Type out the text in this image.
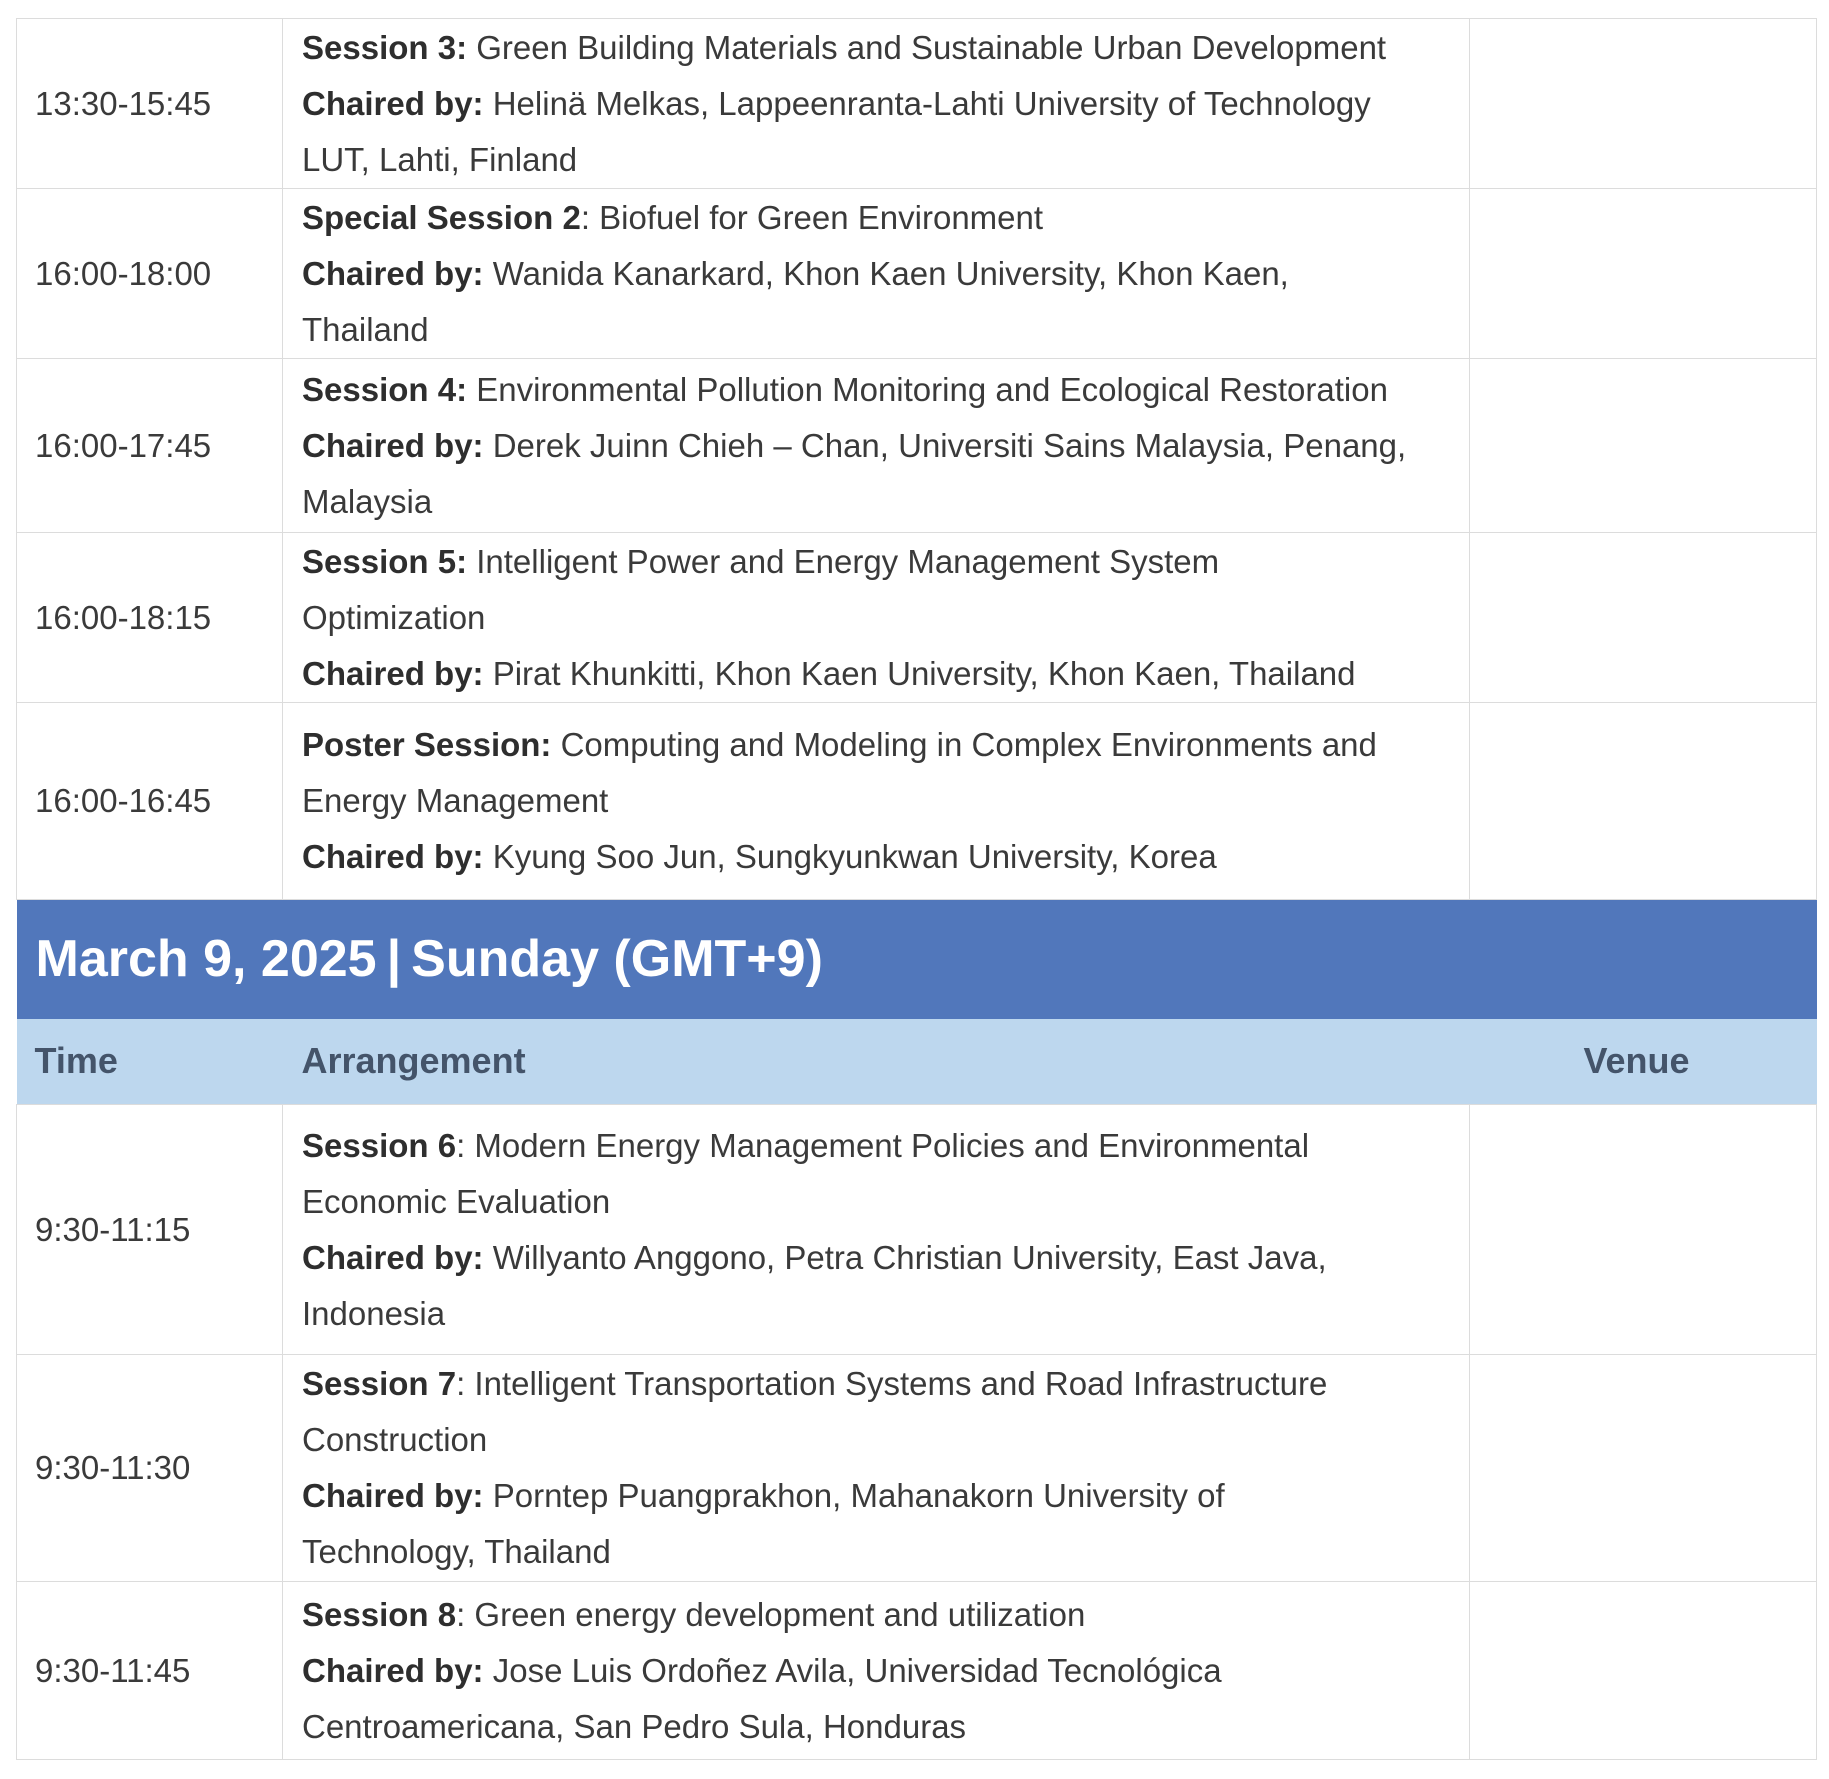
13:30-15:45	Session 3: Green Building Materials and Sustainable Urban Development
Chaired by: Helinä Melkas, Lappeenranta-Lahti University of Technology
LUT, Lahti, Finland	

16:00-18:00	Special Session 2: Biofuel for Green Environment
Chaired by: Wanida Kanarkard, Khon Kaen University, Khon Kaen,
Thailand	

16:00-17:45	Session 4: Environmental Pollution Monitoring and Ecological Restoration
Chaired by: Derek Juinn Chieh – Chan, Universiti Sains Malaysia, Penang,
Malaysia	

16:00-18:15	Session 5: Intelligent Power and Energy Management System
Optimization
Chaired by: Pirat Khunkitti, Khon Kaen University, Khon Kaen, Thailand	

16:00-16:45	Poster Session: Computing and Modeling in Complex Environments and
Energy Management
Chaired by: Kyung Soo Jun, Sungkyunkwan University, Korea	

March 9, 2025 | Sunday (GMT+9)		
Time	Arrangement	Venue
9:30-11:15	Session 6: Modern Energy Management Policies and Environmental
Economic Evaluation
Chaired by: Willyanto Anggono, Petra Christian University, East Java,
Indonesia	

9:30-11:30	Session 7: Intelligent Transportation Systems and Road Infrastructure
Construction
Chaired by: Porntep Puangprakhon, Mahanakorn University of
Technology, Thailand	

9:30-11:45	Session 8: Green energy development and utilization
Chaired by: Jose Luis Ordoñez Avila, Universidad Tecnológica
Centroamericana, San Pedro Sula, Honduras	
